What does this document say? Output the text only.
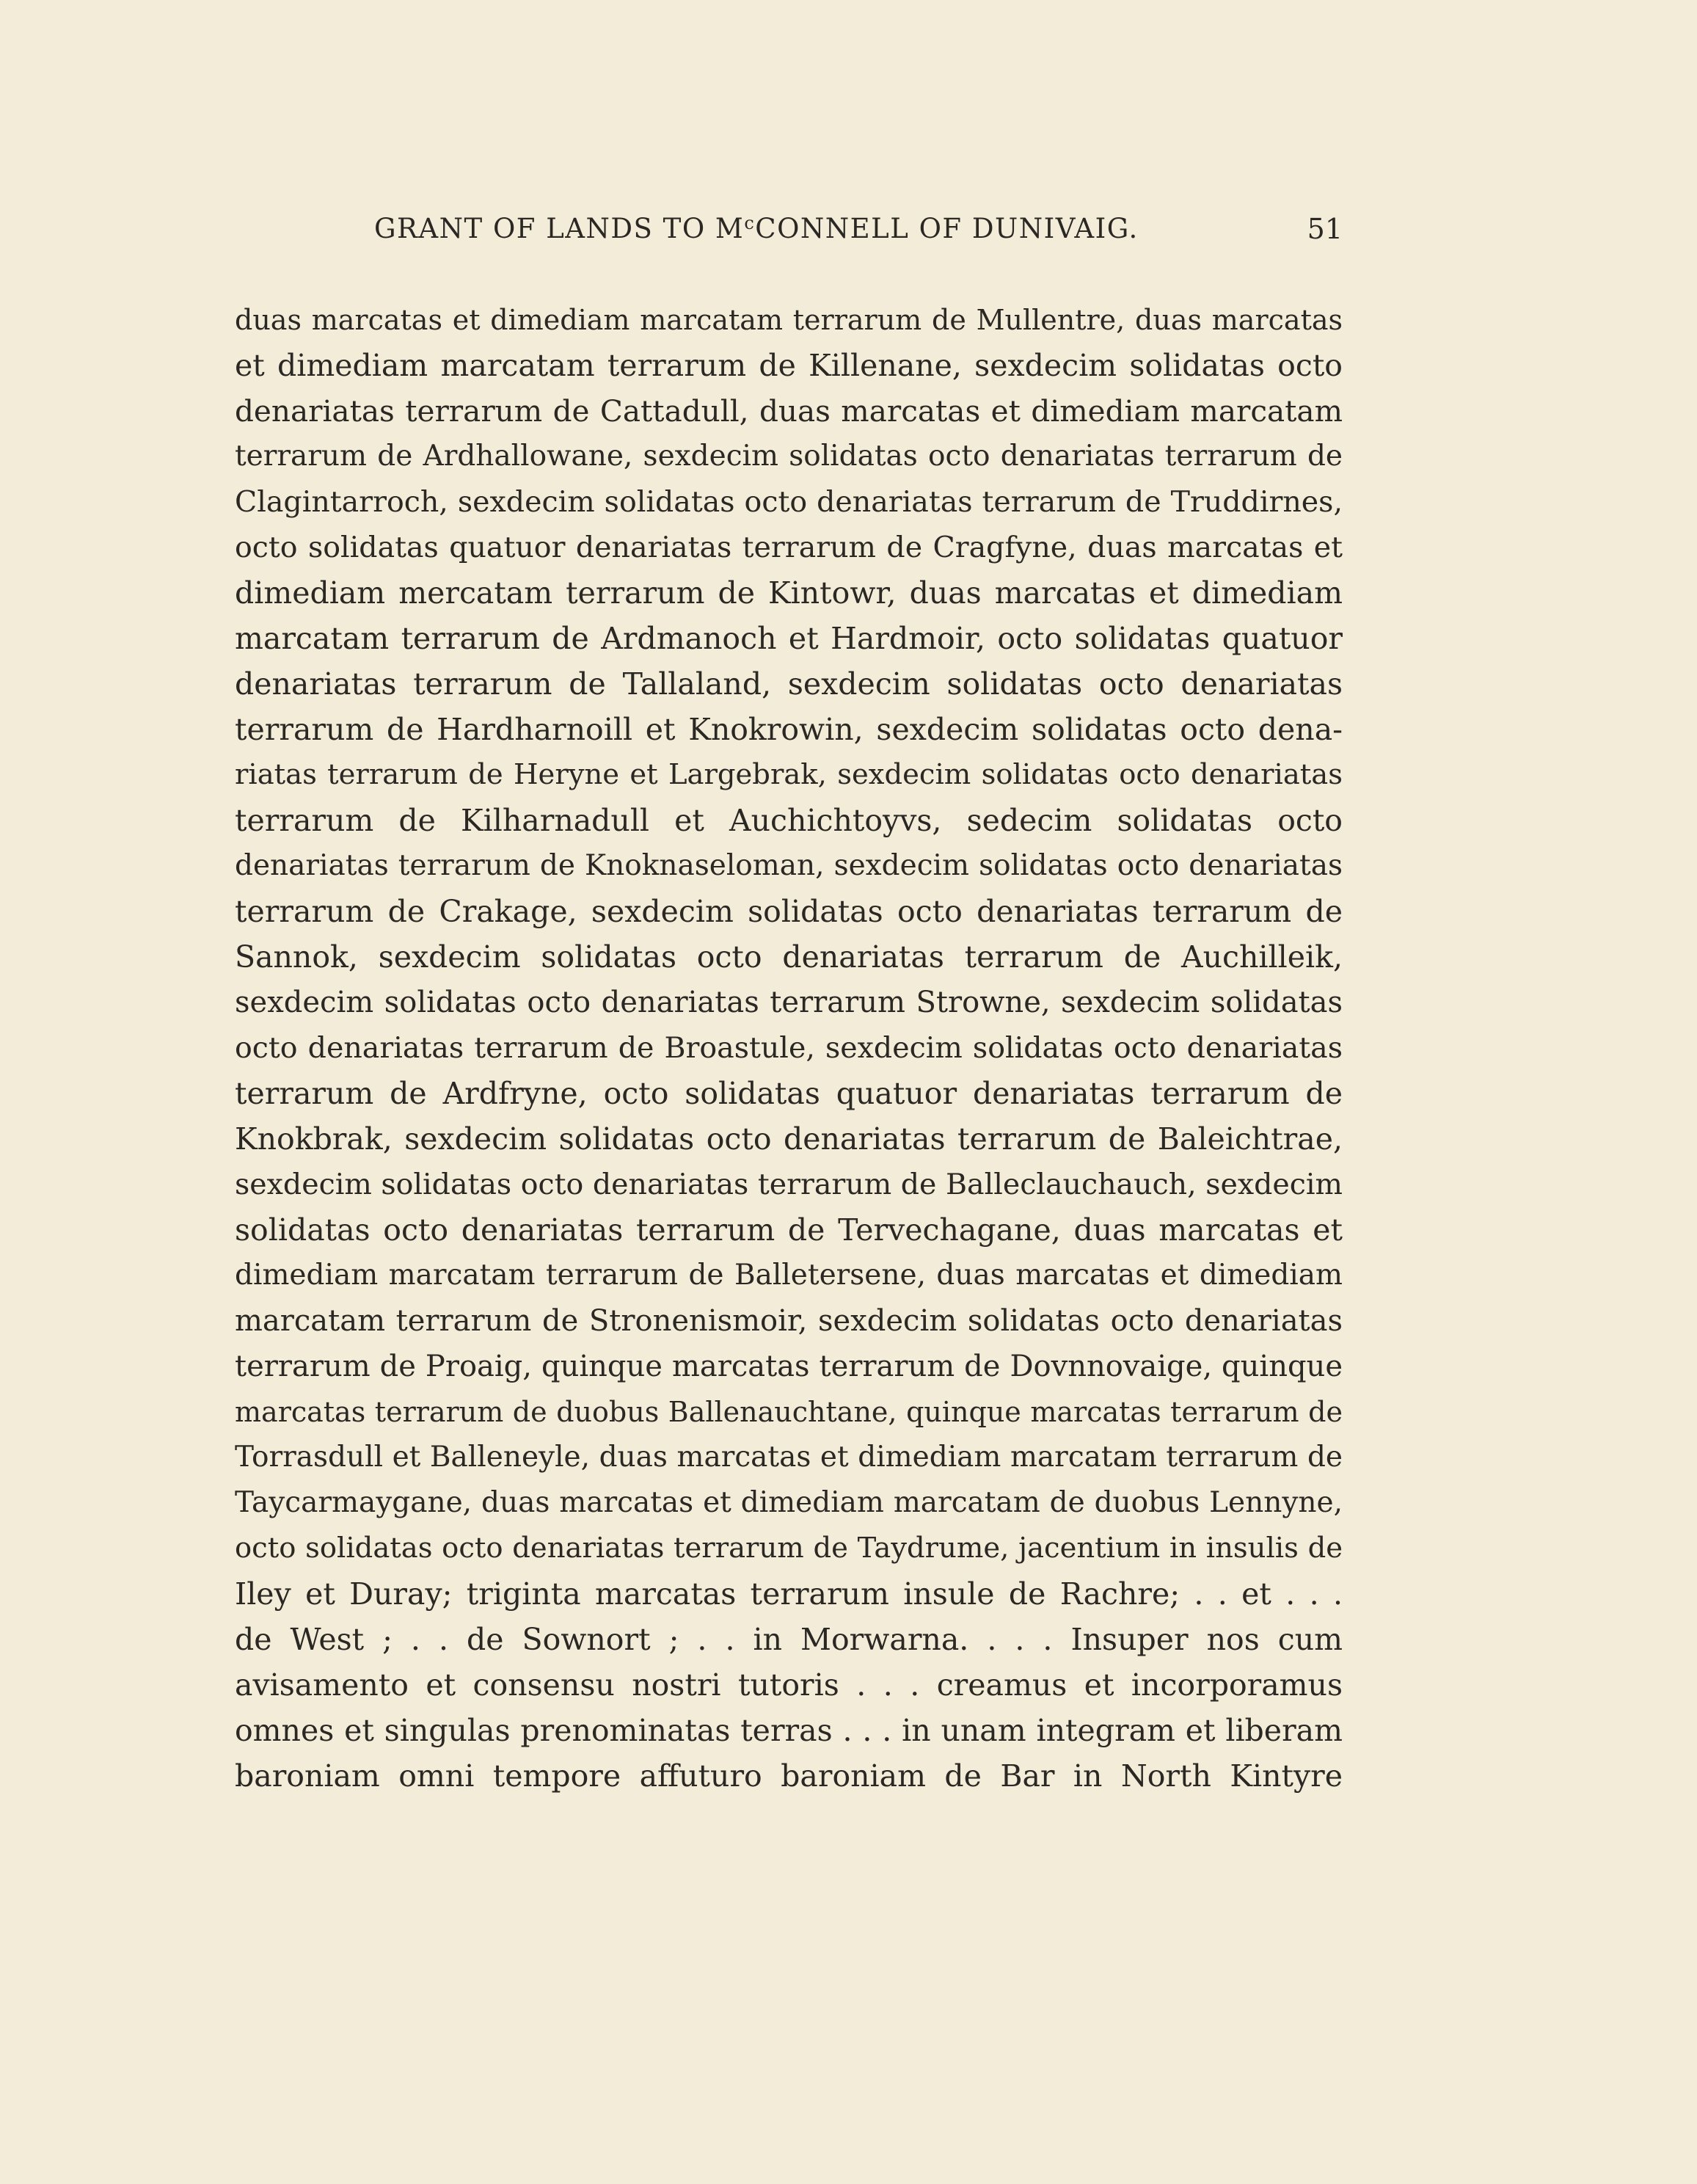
GRANT OF LANDS TO $M^cCONNELL$ OF DUNIVAIG.	51
duas marcatas et dimediam marcatam terrarum de Mullentre, duas marcatas
et dimediam marcatam terrarum de Killenane, sexdecim solidatas octo
denariatas terrarum de Cattadull, duas marcatas et dimediam marcatam
terrarum de Ardhallowane, sexdecim solidatas octo denariatas terrarum de
Clagintarroch, sexdecim solidatas octo denariatas terrarum de Truddirnes,
octo solidatas quatuor denariatas terrarum de Cragfyne, duas marcatas et
dimediam mercatam terrarum de Kintowr, duas marcatas et dimediam
marcatam terrarum de Ardmanoch et Hardmoir, octo solidatas quatuor
denariatas terrarum de Tallaland, sexdecim solidatas octo denariatas
terrarum de Hardharnoill et Knokrowin, sexdecim solidatas octo dena-
riatas terrarum de Heryne et Largebrak, sexdecim solidatas octo denariatas
terrarum de Kilharnadull et Auchichtoyvs, sedecim solidatas octo
denariatas terrarum de Knoknaseloman, sexdecim solidatas octo denariatas
terrarum de Crakage, sexdecim solidatas octo denariatas terrarum de
Sannok, sexdecim solidatas octo denariatas terrarum de Auchilleik,
sexdecim solidatas octo denariatas terrarum Strowne, sexdecim solidatas
octo denariatas terrarum de Broastule, sexdecim solidatas octo denariatas
terrarum de Ardfryne, octo solidatas quatuor denariatas terrarum de
Knokbrak, sexdecim solidatas octo denariatas terrarum de Baleichtrae,
sexdecim solidatas octo denariatas terrarum de Balleclauchauch, sexdecim
solidatas octo denariatas terrarum de Tervechagane, duas marcatas et
dimediam marcatam terrarum de Balletersene, duas marcatas et dimediam
marcatam terrarum de Stronenismoir, sexdecim solidatas octo denariatas
terrarum de Proaig, quinque marcatas terrarum de Dovnnovaige, quinque
marcatas terrarum de duobus Ballenauchtane, quinque marcatas terrarum de
Torrasdull et Balleneyle, duas marcatas et dimediam marcatam terrarum de
Taycarmaygane, duas marcatas et dimediam marcatam de duobus Lennyne,
octo solidatas octo denariatas terrarum de Taydrume, jacentium in insulis de
Iley et Duray; triginta marcatas terrarum insule de Rachre; . . et . . .
de West ; . . de Sownort ; . . in Morwarna. . . . Insuper nos cum
avisamento et consensu nostri tutoris . . . creamus et incorporamus
omnes et singulas prenominatas terras . . . in unam integram et liberam
baroniam omni tempore affuturo baroniam de Bar in North Kintyre
